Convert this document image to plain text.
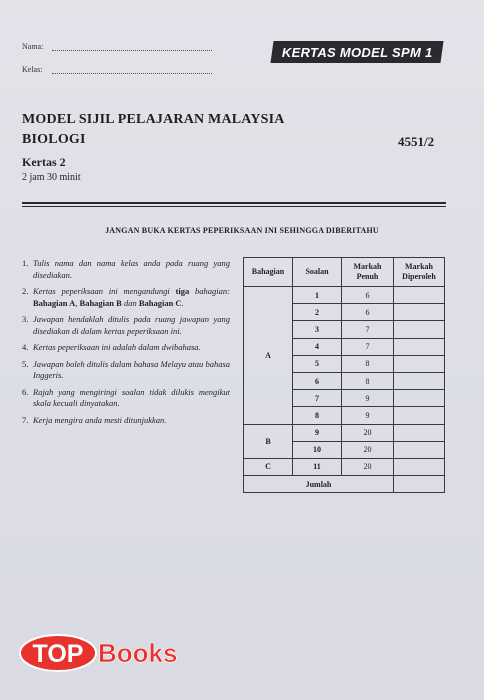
Nama:
Kelas:
KERTAS MODEL SPM 1
MODEL SIJIL PELAJARAN MALAYSIA
BIOLOGI	4551/2
Kertas 2
2 jam 30 minit
JANGAN BUKA KERTAS PEPERIKSAAN INI SEHINGGA DIBERITAHU
1. Tulis nama dan nama kelas anda pada ruang yang disediakan.
2. Kertas peperiksaan ini mengandungi tiga bahagian: Bahagian A, Bahagian B dan Bahagian C.
3. Jawapan hendaklah ditulis pada ruang jawapan yang disediakan di dalam kertas peperiksaan ini.
4. Kertas peperiksaan ini adalah dalam dwibahasa.
5. Jawapan boleh ditulis dalam bahasa Melayu atau bahasa Inggeris.
6. Rajah yang mengiringi soalan tidak dilukis mengikut skala kecuali dinyatakan.
7. Kerja mengira anda mesti ditunjukkan.
Bahagian	Soalan	Markah Penuh	Markah Diperoleh
A	1	6	
	2	6	
	3	7	
	4	7	
	5	8	
	6	8	
	7	9	
	8	9	
B	9	20	
	10	20	
C	11	20	
Jumlah			
TOP Books
